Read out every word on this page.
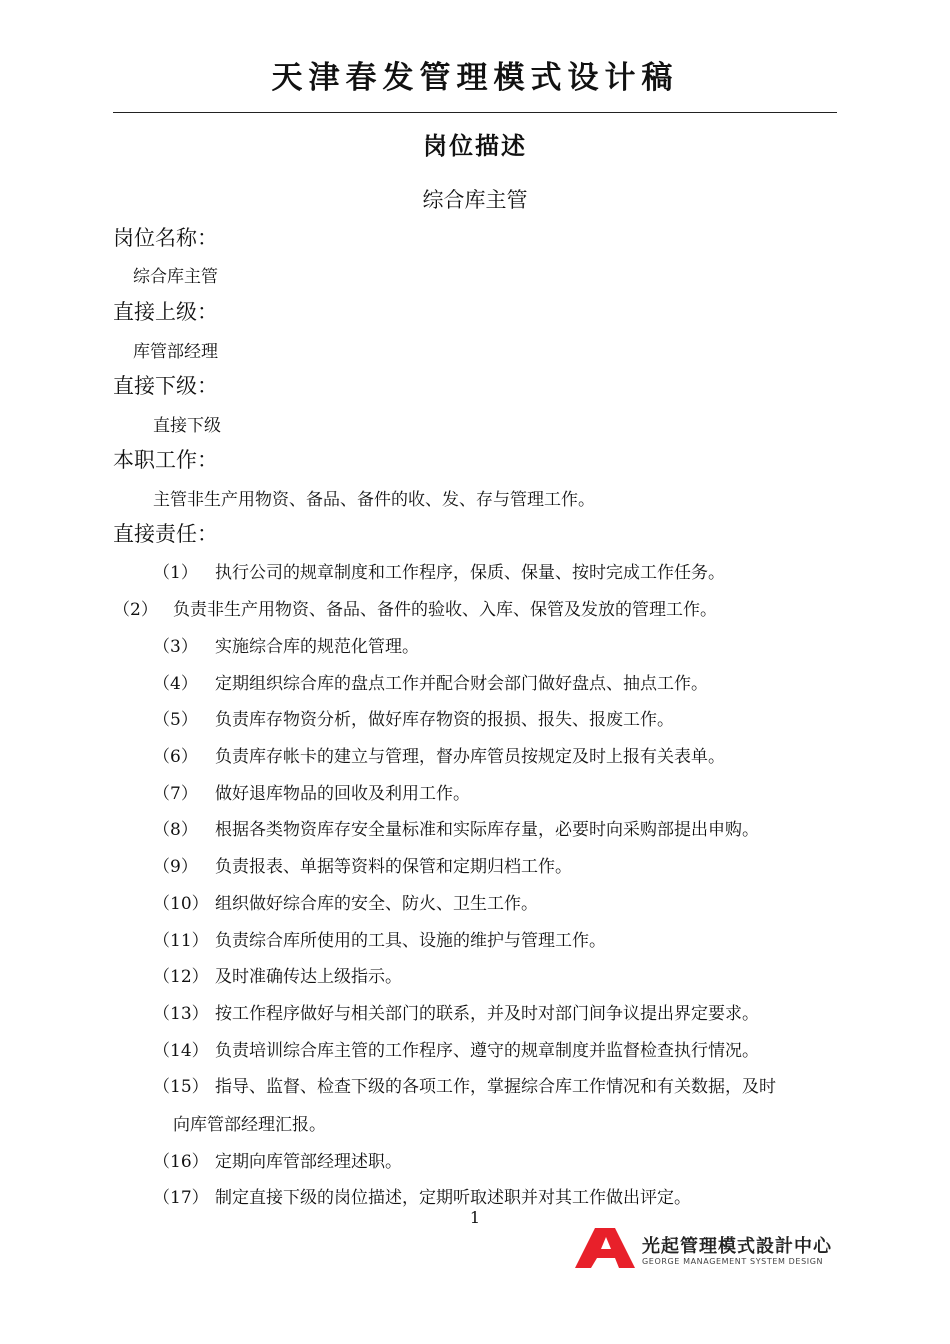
天津春发管理模式设计稿
岗位描述
综合库主管
岗位名称：
综合库主管
直接上级：
库管部经理
直接下级：
直接下级
本职工作：
主管非生产用物资、备品、备件的收、发、存与管理工作。
直接责任：
（1） 执行公司的规章制度和工作程序，保质、保量、按时完成工作任务。
（2） 负责非生产用物资、备品、备件的验收、入库、保管及发放的管理工作。
（3） 实施综合库的规范化管理。
（4） 定期组织综合库的盘点工作并配合财会部门做好盘点、抽点工作。
（5） 负责库存物资分析，做好库存物资的报损、报失、报废工作。
（6） 负责库存帐卡的建立与管理，督办库管员按规定及时上报有关表单。
（7） 做好退库物品的回收及利用工作。
（8） 根据各类物资库存安全量标准和实际库存量，必要时向采购部提出申购。
（9） 负责报表、单据等资料的保管和定期归档工作。
（10） 组织做好综合库的安全、防火、卫生工作。
（11） 负责综合库所使用的工具、设施的维护与管理工作。
（12） 及时准确传达上级指示。
（13） 按工作程序做好与相关部门的联系，并及时对部门间争议提出界定要求。
（14） 负责培训综合库主管的工作程序、遵守的规章制度并监督检查执行情况。
（15） 指导、监督、检查下级的各项工作，掌握综合库工作情况和有关数据，及时
向库管部经理汇报。
（16） 定期向库管部经理述职。
（17） 制定直接下级的岗位描述，定期听取述职并对其工作做出评定。
1
A
光起管理模式設計中心
GEORGE MANAGEMENT SYSTEM DESIGN
